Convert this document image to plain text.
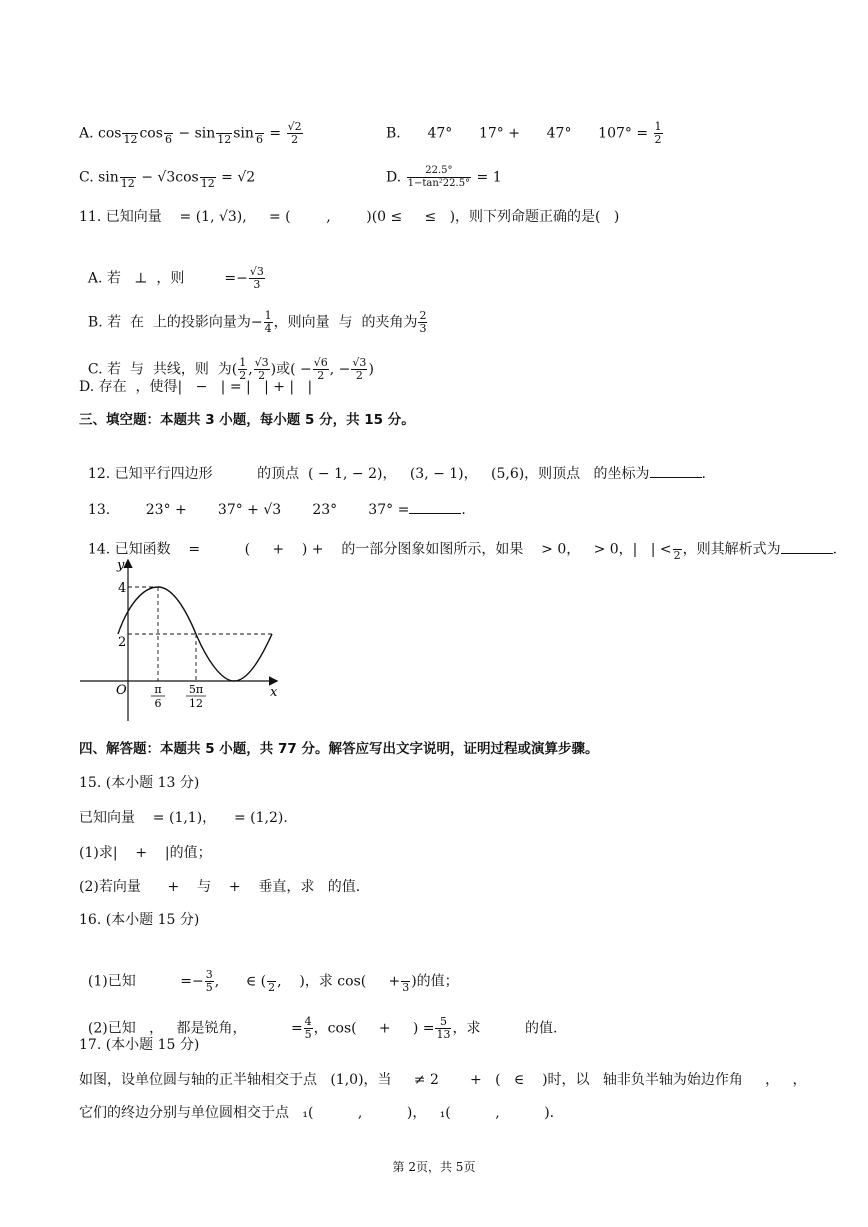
A. cos
12 cos
6 − sin
12 sin
$6 = \frac{√2}{2}$	B.      47°      17° +      47°      $107^\circ = \frac{1}{2}$
C. sin
12 − √3cos
12 = √2	D. $\frac{22.5^\circ}{\text{1−tan²22.5°}} = 1$
11. 已知向量    = (1, √3),     = (        ,        )(0 ≤     ≤   )，则下列命题正确的是(   )

A. 若   ⊥  ，则         =− $\frac{√3}{3}$

B. 若  在  上的投影向量为− $\frac{1}{4}$ ，则向量  与  的夹角为 $\frac{2}{3}$

C. 若  与  共线，则  为( $\frac{1}{2}$ , $\frac{√3}{2}$ )或( − $\frac{√6}{2}$ , − $\frac{√3}{2}$ )

D. 存在  ，使得|   −   | = |   | + |   |
三、填空题：本题共 3 小题，每小题 5 分，共 15 分。

12. 已知平行四边形          的顶点  ( − 1, − 2)，   (3, − 1)，   (5,6)，则顶点   的坐标为	.

13.        23° +       37° + √3       23°       37° =	.

14. 已知函数    =          (     +    ) +    的一部分图象如图所示，如果    > 0，   > 0，|   | <
2 ，则其解析式为	.

y
x
O
4
2
π
6
5π
12
四、解答题：本题共 5 小题，共 77 分。解答应写出文字说明，证明过程或演算步骤。
15. (本小题 13 分)
已知向量    = (1,1)，    = (1,2).
(1)求|    +    |的值；
(2)若向量      +    与    +    垂直，求   的值.
16. (本小题 15 分)

(1)已知          =− $\frac{3}{5}$ ,      ∈ (
2 ,    )，求 cos(     +
3 )的值；

(2)已知   ，   都是锐角，          = $\frac{4}{5}$ ，cos(     +     ) = $\frac{5}{13}$ ，求          的值.

17. (本小题 15 分)
如图，设单位圆与轴的正半轴相交于点   (1,0)，当     ≠ 2       +   (   ∈    )时，以   轴非负半轴为始边作角     ，   ，
它们的终边分别与单位圆相交于点   ₁(          ,          )，   ₁(          ,          ).
第 2页，共 5页
